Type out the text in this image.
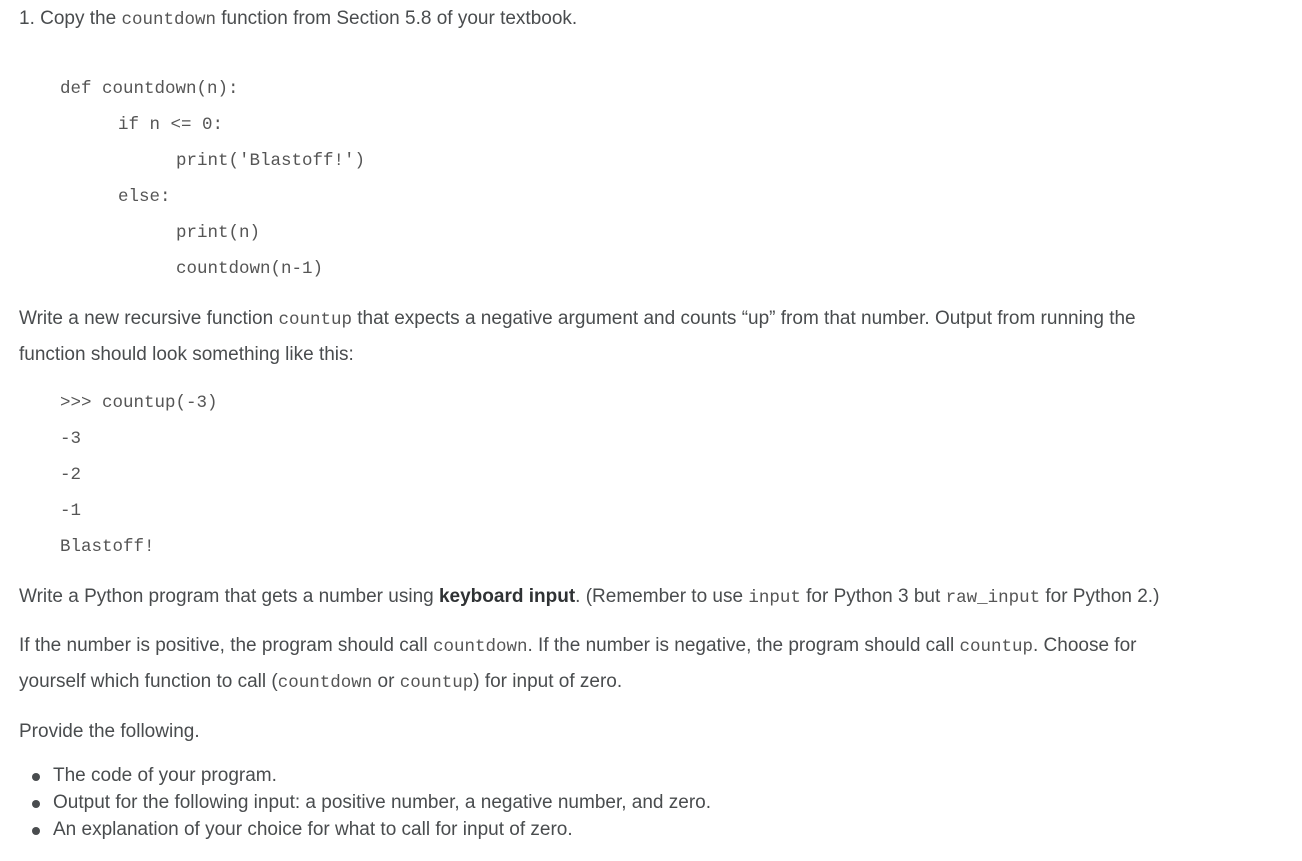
1. Copy the countdown function from Section 5.8 of your textbook.
def countdown(n):
if n <= 0:
print('Blastoff!')
else:
print(n)
countdown(n-1)
Write a new recursive function countup that expects a negative argument and counts “up” from that number. Output from running the
function should look something like this:
>>> countup(-3)
-3
-2
-1
Blastoff!
Write a Python program that gets a number using keyboard input. (Remember to use input for Python 3 but raw_input for Python 2.)
If the number is positive, the program should call countdown. If the number is negative, the program should call countup. Choose for
yourself which function to call (countdown or countup) for input of zero.
Provide the following.
The code of your program.
Output for the following input: a positive number, a negative number, and zero.
An explanation of your choice for what to call for input of zero.
